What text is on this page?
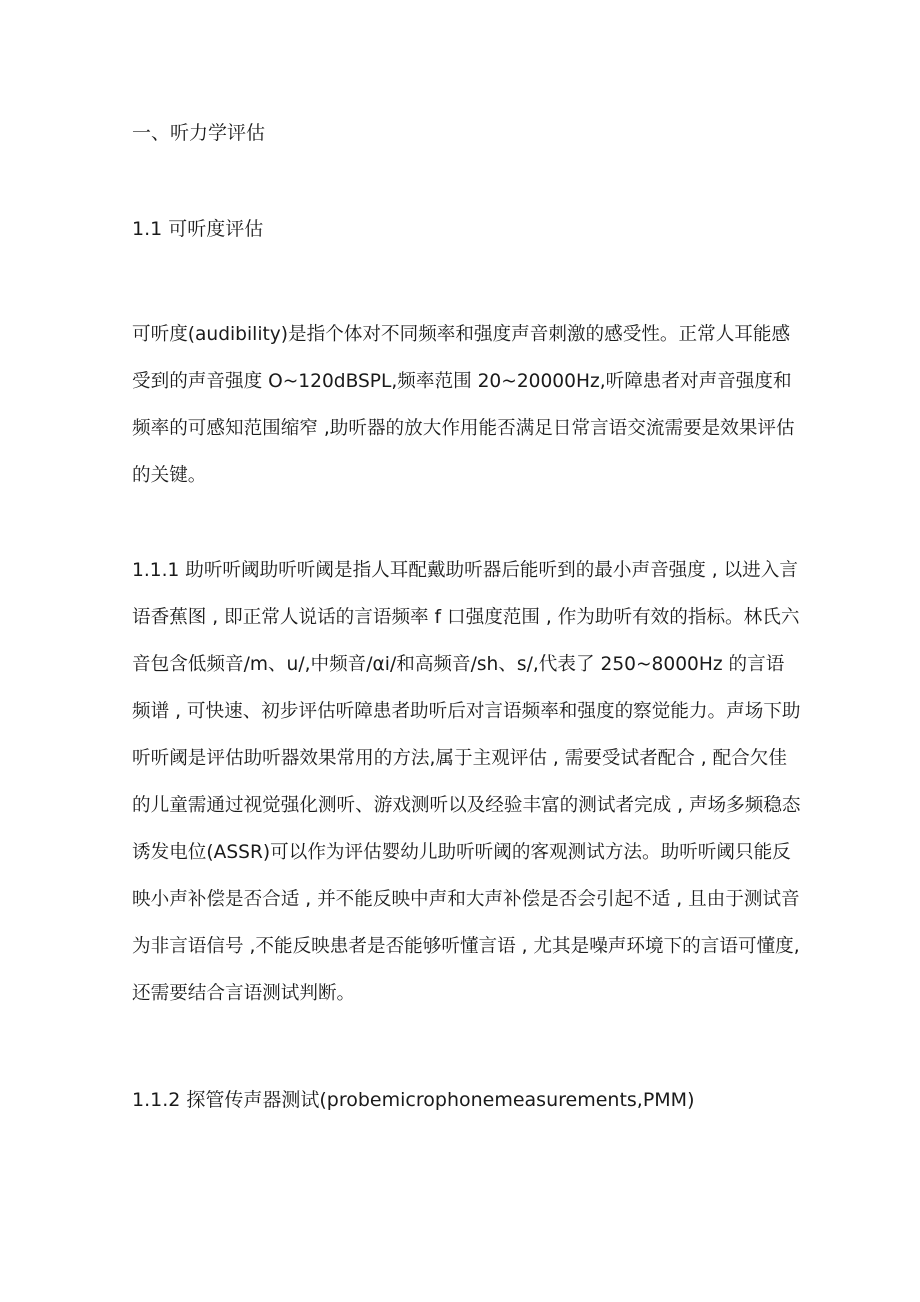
一、听力学评估
1.1 可听度评估
可听度(audibility)是指个体对不同频率和强度声音刺激的感受性。正常人耳能感
受到的声音强度 O~120dBSPL,频率范围 20~20000Hz,听障患者对声音强度和
频率的可感知范围缩窄 ,助听器的放大作用能否满足日常言语交流需要是效果评估
的关键。
1.1.1 助听听阈助听听阈是指人耳配戴助听器后能听到的最小声音强度 , 以进入言
语香蕉图 , 即正常人说话的言语频率 f 口强度范围 , 作为助听有效的指标。林氏六
音包含低频音/m、u/,中频音/αi/和高频音/sh、s/,代表了 250~8000Hz 的言语
频谱 , 可快速、初步评估听障患者助听后对言语频率和强度的察觉能力。声场下助
听听阈是评估助听器效果常用的方法,属于主观评估 , 需要受试者配合 , 配合欠佳
的儿童需通过视觉强化测听、游戏测听以及经验丰富的测试者完成 , 声场多频稳态
诱发电位(ASSR)可以作为评估婴幼儿助听听阈的客观测试方法。助听听阈只能反
映小声补偿是否合适 , 并不能反映中声和大声补偿是否会引起不适 , 且由于测试音
为非言语信号 ,不能反映患者是否能够听懂言语 , 尤其是噪声环境下的言语可懂度,
还需要结合言语测试判断。
1.1.2 探管传声器测试(probemicrophonemeasurements,PMM)
